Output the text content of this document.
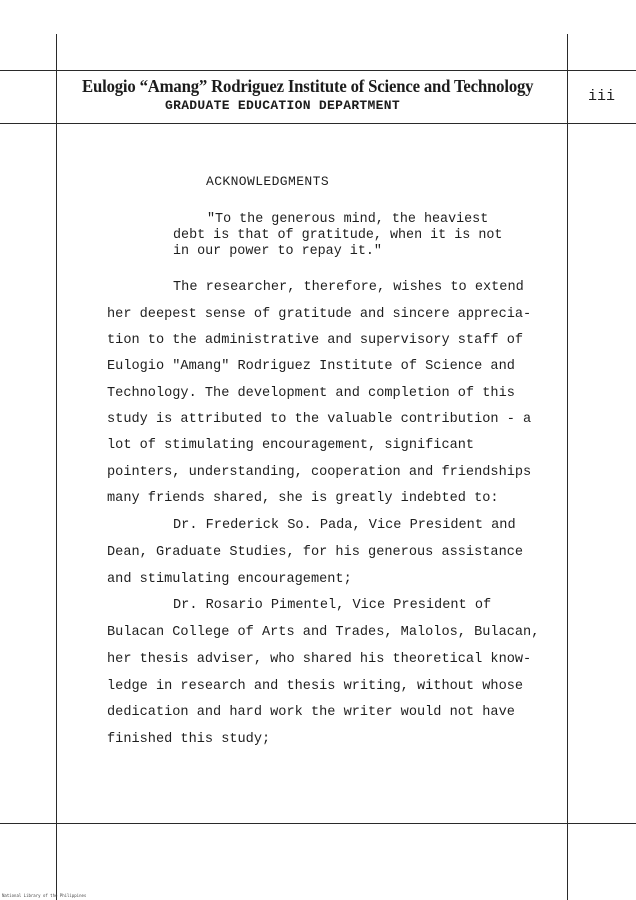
Eulogio “Amang” Rodriguez Institute of Science and Technology
GRADUATE EDUCATION DEPARTMENT
iii
ACKNOWLEDGMENTS
"To the generous mind, the heaviest
debt is that of gratitude, when it is not
in our power to repay it."
The researcher, therefore, wishes to extend
her deepest sense of gratitude and sincere apprecia-
tion to the administrative and supervisory staff of
Eulogio "Amang" Rodriguez Institute of Science and
Technology. The development and completion of this
study is attributed to the valuable contribution - a
lot of stimulating encouragement, significant
pointers, understanding, cooperation and friendships
many friends shared, she is greatly indebted to:
Dr. Frederick So. Pada, Vice President and
Dean, Graduate Studies, for his generous assistance
and stimulating encouragement;
Dr. Rosario Pimentel, Vice President of
Bulacan College of Arts and Trades, Malolos, Bulacan,
her thesis adviser, who shared his theoretical know-
ledge in research and thesis writing, without whose
dedication and hard work the writer would not have
finished this study;
National Library of the Philippines
